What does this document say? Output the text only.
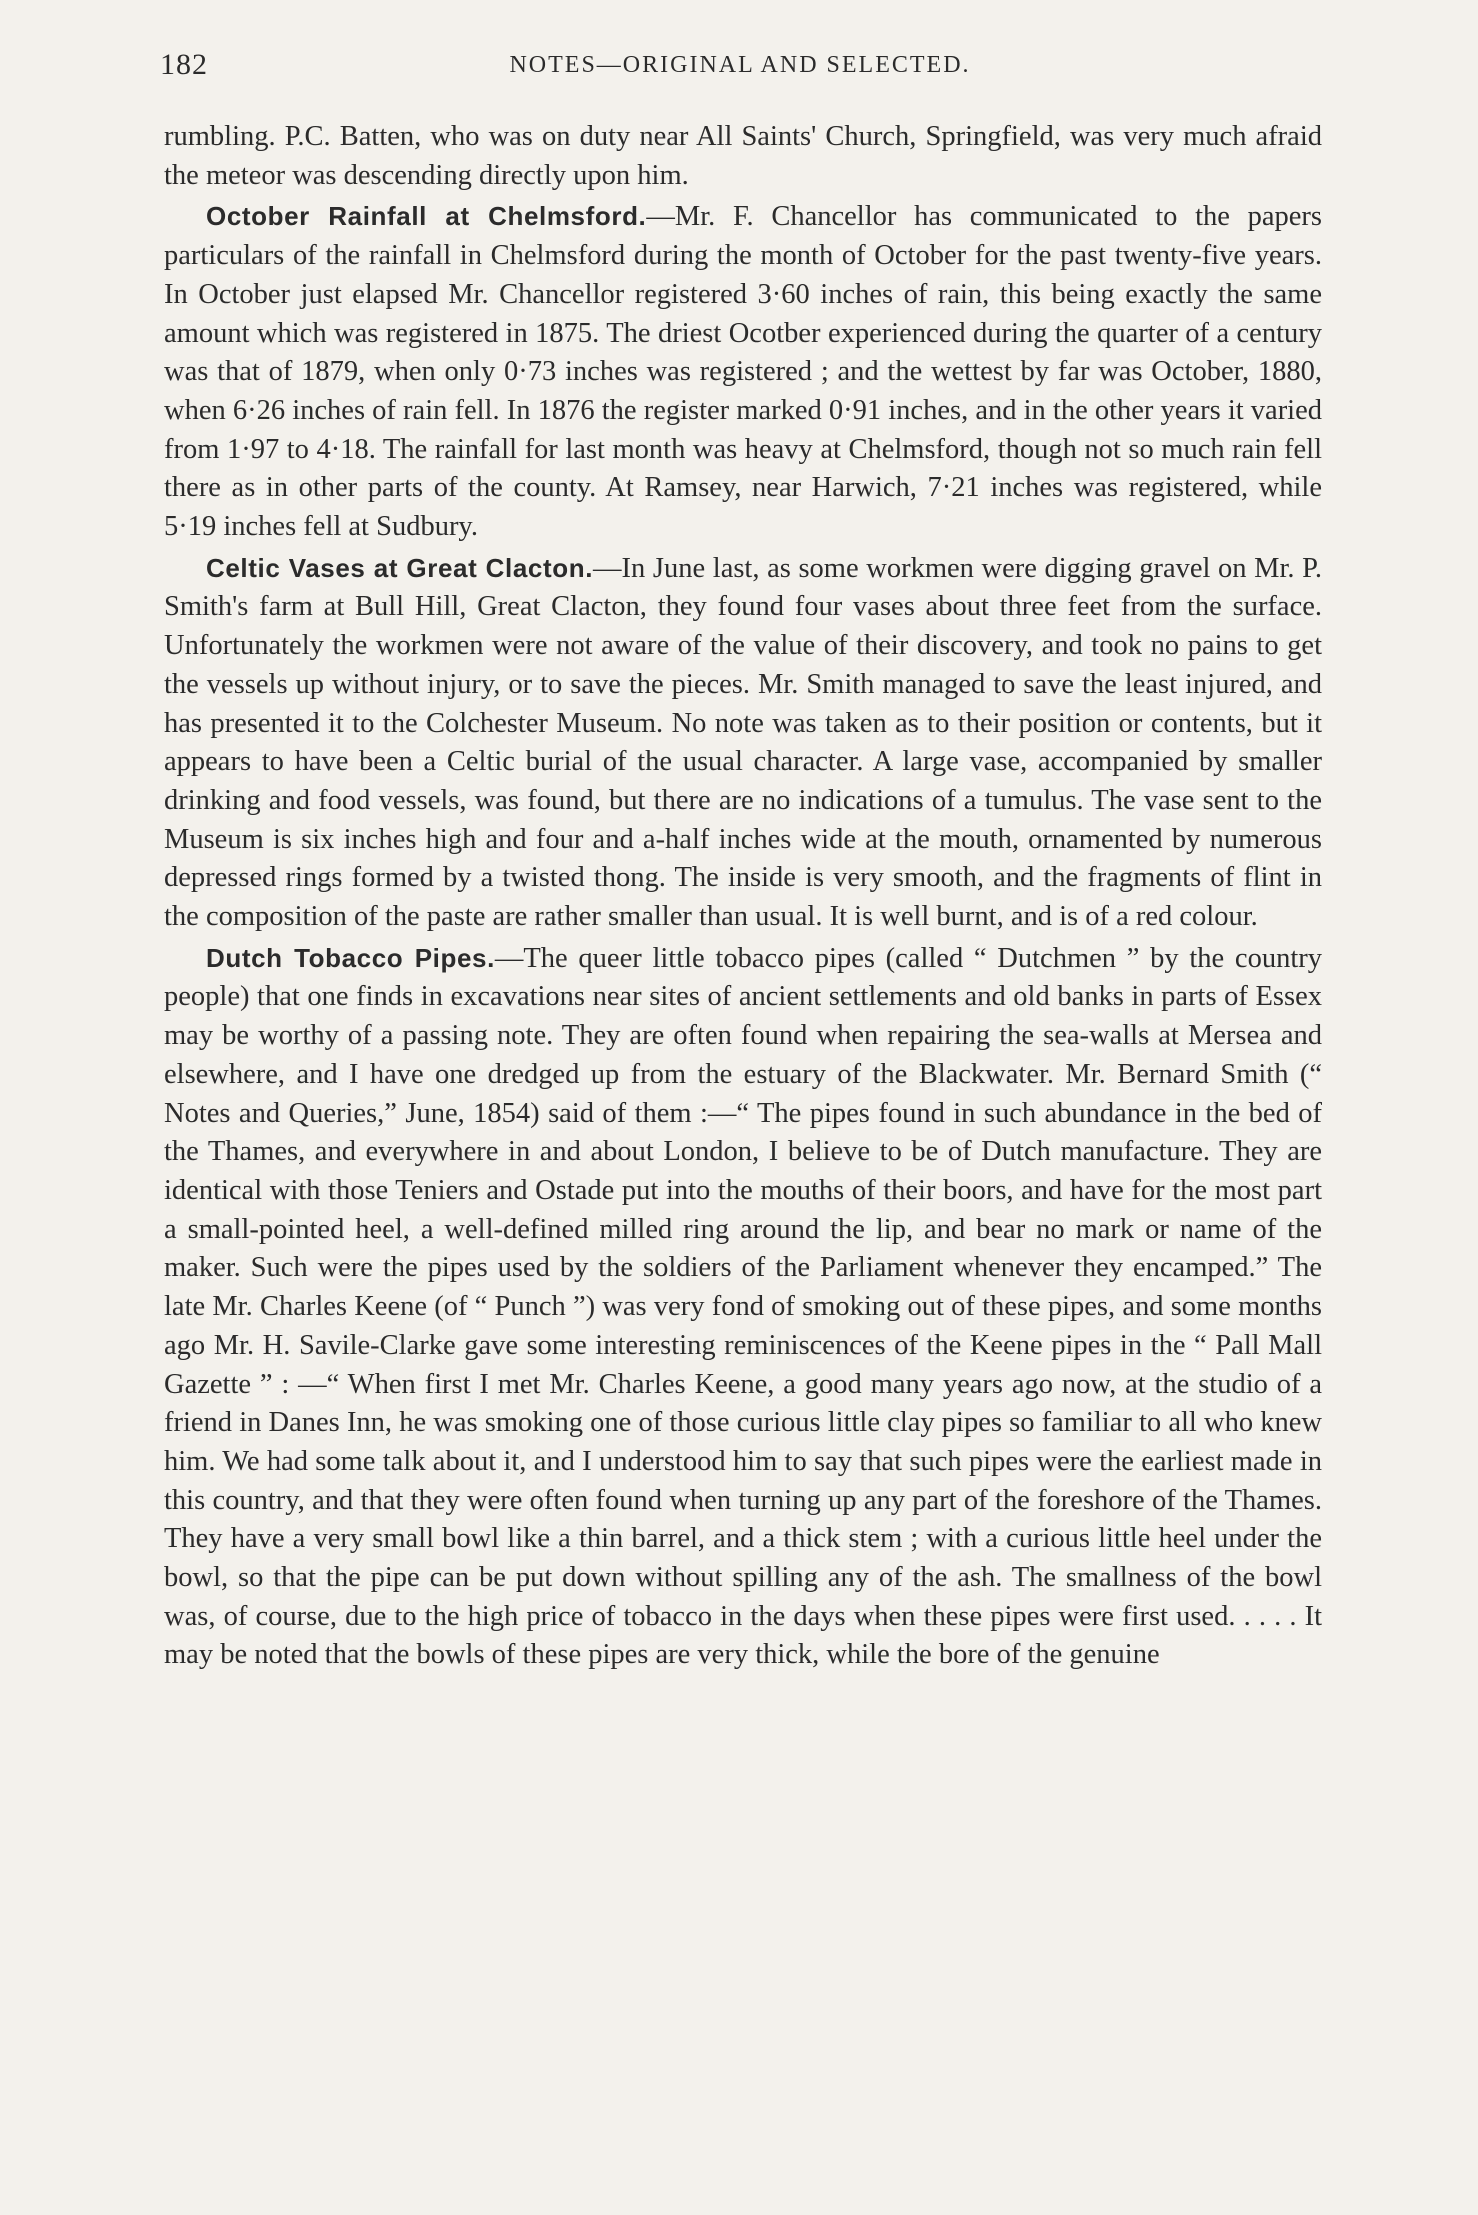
182	NOTES—ORIGINAL AND SELECTED.

rumbling. P.C. Batten, who was on duty near All Saints' Church, Springfield, was very much afraid the meteor was descending directly upon him.

October Rainfall at Chelmsford.—Mr. F. Chancellor has communicated to the papers particulars of the rainfall in Chelmsford during the month of October for the past twenty-five years. In October just elapsed Mr. Chancellor registered 3·60 inches of rain, this being exactly the same amount which was registered in 1875. The driest Ocotber experienced during the quarter of a century was that of 1879, when only 0·73 inches was registered ; and the wettest by far was October, 1880, when 6·26 inches of rain fell. In 1876 the register marked 0·91 inches, and in the other years it varied from 1·97 to 4·18. The rainfall for last month was heavy at Chelmsford, though not so much rain fell there as in other parts of the county. At Ramsey, near Harwich, 7·21 inches was registered, while 5·19 inches fell at Sudbury.

Celtic Vases at Great Clacton.—In June last, as some workmen were digging gravel on Mr. P. Smith's farm at Bull Hill, Great Clacton, they found four vases about three feet from the surface. Unfortunately the workmen were not aware of the value of their discovery, and took no pains to get the vessels up without injury, or to save the pieces. Mr. Smith managed to save the least injured, and has presented it to the Colchester Museum. No note was taken as to their position or contents, but it appears to have been a Celtic burial of the usual character. A large vase, accompanied by smaller drinking and food vessels, was found, but there are no indications of a tumulus. The vase sent to the Museum is six inches high and four and a-half inches wide at the mouth, ornamented by numerous depressed rings formed by a twisted thong. The inside is very smooth, and the fragments of flint in the composition of the paste are rather smaller than usual. It is well burnt, and is of a red colour.

Dutch Tobacco Pipes.—The queer little tobacco pipes (called “ Dutchmen ” by the country people) that one finds in excavations near sites of ancient settlements and old banks in parts of Essex may be worthy of a passing note. They are often found when repairing the sea-walls at Mersea and elsewhere, and I have one dredged up from the estuary of the Blackwater. Mr. Bernard Smith (“ Notes and Queries,” June, 1854) said of them :—“ The pipes found in such abundance in the bed of the Thames, and everywhere in and about London, I believe to be of Dutch manufacture. They are identical with those Teniers and Ostade put into the mouths of their boors, and have for the most part a small-pointed heel, a well-defined milled ring around the lip, and bear no mark or name of the maker. Such were the pipes used by the soldiers of the Parliament whenever they encamped.” The late Mr. Charles Keene (of “ Punch ”) was very fond of smoking out of these pipes, and some months ago Mr. H. Savile-Clarke gave some interesting reminiscences of the Keene pipes in the “ Pall Mall Gazette ” : —“ When first I met Mr. Charles Keene, a good many years ago now, at the studio of a friend in Danes Inn, he was smoking one of those curious little clay pipes so familiar to all who knew him. We had some talk about it, and I understood him to say that such pipes were the earliest made in this country, and that they were often found when turning up any part of the foreshore of the Thames. They have a very small bowl like a thin barrel, and a thick stem ; with a curious little heel under the bowl, so that the pipe can be put down without spilling any of the ash. The smallness of the bowl was, of course, due to the high price of tobacco in the days when these pipes were first used. . . . . It may be noted that the bowls of these pipes are very thick, while the bore of the genuine
